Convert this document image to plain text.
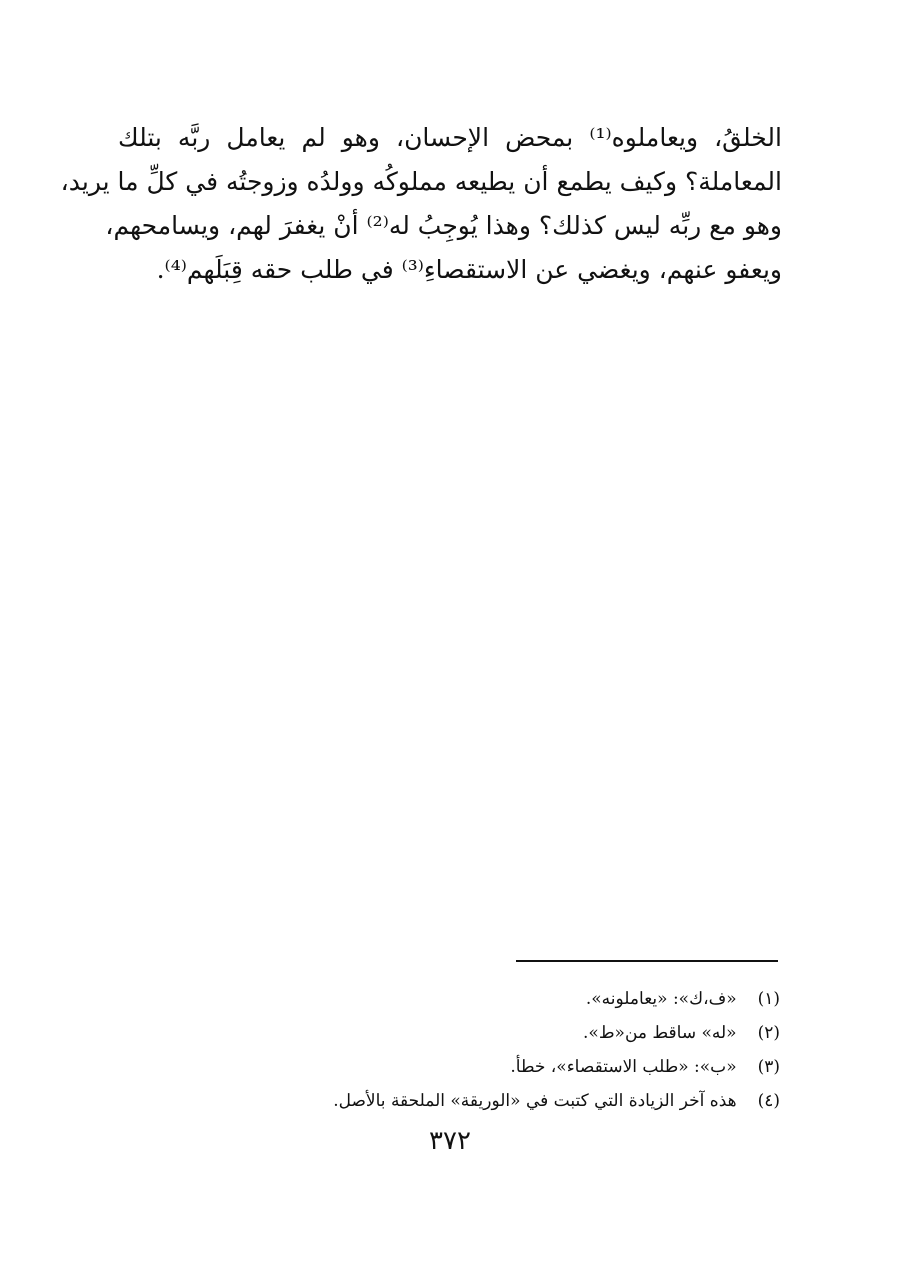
الخلقُ، ويعاملوه⁽¹⁾ بمحض الإحسان، وهو لم يعامل ربَّه بتلك
المعاملة؟ وكيف يطمع أن يطيعه مملوكُه وولدُه وزوجتُه في كلِّ ما يريد،
وهو مع ربِّه ليس كذلك؟ وهذا يُوجِبُ له⁽²⁾ أنْ يغفرَ لهم، ويسامحهم،
ويعفو عنهم، ويغضي عن الاستقصاءِ⁽³⁾ في طلب حقه قِبَلَهم⁽⁴⁾.
(١) «ف،ك»: «يعاملونه».
(٢) «له» ساقط من«ط».
(٣) «ب»: «طلب الاستقصاء»، خطأ.
(٤) هذه آخر الزيادة التي كتبت في «الوريقة» الملحقة بالأصل.
٣٧٢
